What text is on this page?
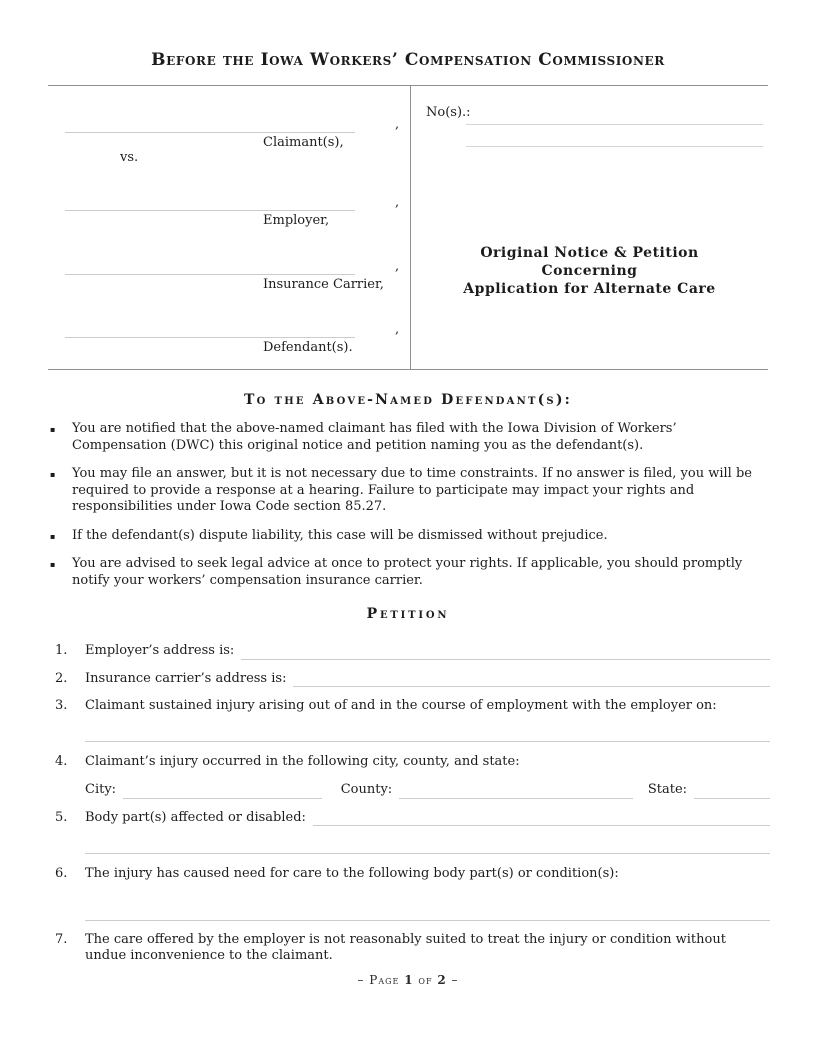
Before the Iowa Workers’ Compensation Commissioner
,
Claimant(s),
vs.
,
Employer,
,
Insurance Carrier,
,
Defendant(s).
No(s).:
Original Notice & Petition
Concerning
Application for Alternate Care
To the Above-Named Defendant(s):
▪	You are notified that the above-named claimant has filed with the Iowa Division of Workers’ Compensation (DWC) this original notice and petition naming you as the defendant(s).
▪	You may file an answer, but it is not necessary due to time constraints. If no answer is filed, you will be required to provide a response at a hearing. Failure to participate may impact your rights and responsibilities under Iowa Code section 85.27.
▪	If the defendant(s) dispute liability, this case will be dismissed without prejudice.
▪	You are advised to seek legal advice at once to protect your rights. If applicable, you should promptly notify your workers’ compensation insurance carrier.
Petition
1.	Employer’s address is:
2.	Insurance carrier’s address is:
3.	Claimant sustained injury arising out of and in the course of employment with the employer on:
4.	Claimant’s injury occurred in the following city, county, and state:
City:	County:	State:
5.	Body part(s) affected or disabled:
6.	The injury has caused need for care to the following body part(s) or condition(s):
7.	The care offered by the employer is not reasonably suited to treat the injury or condition without undue inconvenience to the claimant.
– Page 1 of 2 –
